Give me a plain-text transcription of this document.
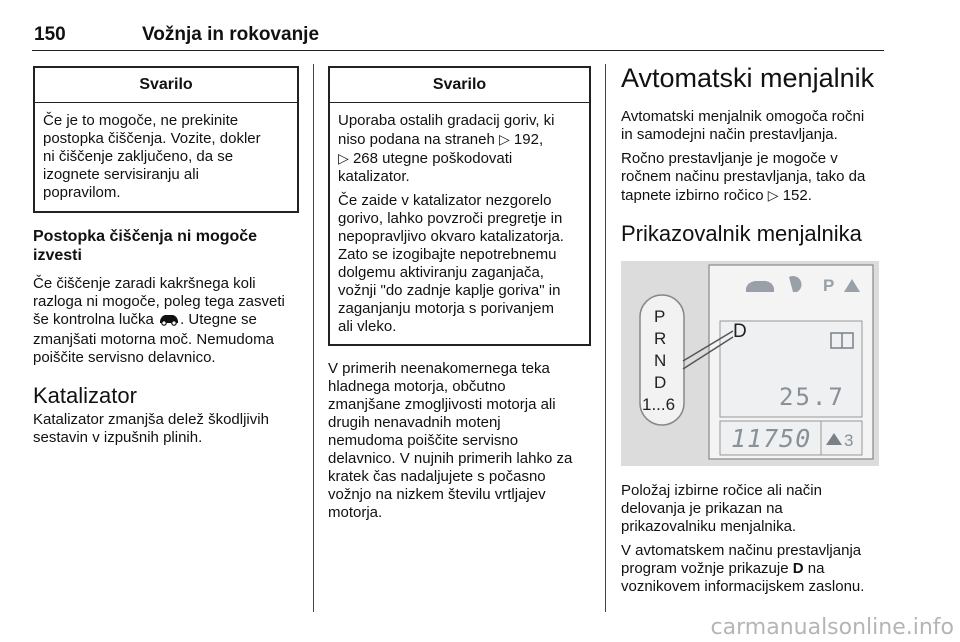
150	Vožnja in rokovanje
Svarilo
Če je to mogoče, ne prekinite
postopka čiščenja. Vozite, dokler
ni čiščenje zaključeno, da se
izognete servisiranju ali
popravilom.
Postopka čiščenja ni mogoče
izvesti
Če čiščenje zaradi kakršnega koli
razloga ni mogoče, poleg tega zasveti
še kontrolna lučka . Utegne se
zmanjšati motorna moč. Nemudoma
poiščite servisno delavnico.
Katalizator
Katalizator zmanjša delež škodljivih
sestavin v izpušnih plinih.
Svarilo
Uporaba ostalih gradacij goriv, ki
niso podana na straneh ▷ 192,
▷ 268 utegne poškodovati
katalizator.
Če zaide v katalizator nezgorelo
gorivo, lahko povzroči pregretje in
nepopravljivo okvaro katalizatorja.
Zato se izogibajte nepotrebnemu
dolgemu aktiviranju zaganjača,
vožnji "do zadnje kaplje goriva" in
zaganjanju motorja s porivanjem
ali vleko.
V primerih neenakomernega teka
hladnega motorja, občutno
zmanjšane zmogljivosti motorja ali
drugih nenavadnih motenj
nemudoma poiščite servisno
delavnico. V nujnih primerih lahko za
kratek čas nadaljujete s počasno
vožnjo na nizkem številu vrtljajev
motorja.
Avtomatski menjalnik
Avtomatski menjalnik omogoča ročni
in samodejni način prestavljanja.
Ročno prestavljanje je mogoče v
ročnem načinu prestavljanja, tako da
tapnete izbirno ročico ▷ 152.
Prikazovalnik menjalnika
P
R
N
D
1...6
D
P
25.7
11750 3
Položaj izbirne ročice ali način
delovanja je prikazan na
prikazovalniku menjalnika.
V avtomatskem načinu prestavljanja
program vožnje prikazuje D na
voznikovem informacijskem zaslonu.
carmanualsonline.info
